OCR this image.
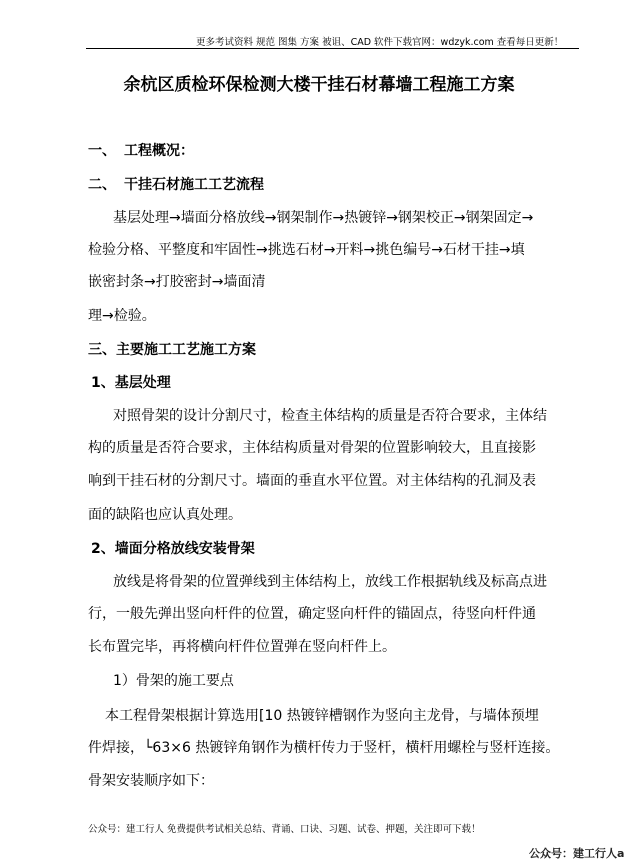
更多考试资料 规范 图集 方案 被诅、CAD 软件下载官网：wdzyk.com 查看每日更新！
余杭区质检环保检测大楼干挂石材幕墙工程施工方案
一、 工程概况：
二、 干挂石材施工工艺流程
基层处理→墙面分格放线→钢架制作→热镀锌→钢架校正→钢架固定→
检验分格、平整度和牢固性→挑选石材→开料→挑色编号→石材干挂→填
嵌密封条→打胶密封→墙面清
理→检验。
三、主要施工工艺施工方案
1、基层处理
对照骨架的设计分割尺寸，检查主体结构的质量是否符合要求，主体结
构的质量是否符合要求，主体结构质量对骨架的位置影响较大，且直接影
响到干挂石材的分割尺寸。墙面的垂直水平位置。对主体结构的孔洞及表
面的缺陷也应认真处理。
2、墙面分格放线安装骨架
放线是将骨架的位置弹线到主体结构上，放线工作根据轨线及标高点进
行，一般先弹出竖向杆件的位置，确定竖向杆件的锚固点，待竖向杆件通
长布置完毕，再将横向杆件位置弹在竖向杆件上。
1）骨架的施工要点
本工程骨架根据计算选用[10 热镀锌槽钢作为竖向主龙骨，与墙体预埋
件焊接，└63×6 热镀锌角钢作为横杆传力于竖杆，横杆用螺栓与竖杆连接。
骨架安装顺序如下：
公众号：建工行人 免费提供考试相关总结、背诵、口诀、习题、试卷、押题，关注即可下载！
公众号：建工行人a
